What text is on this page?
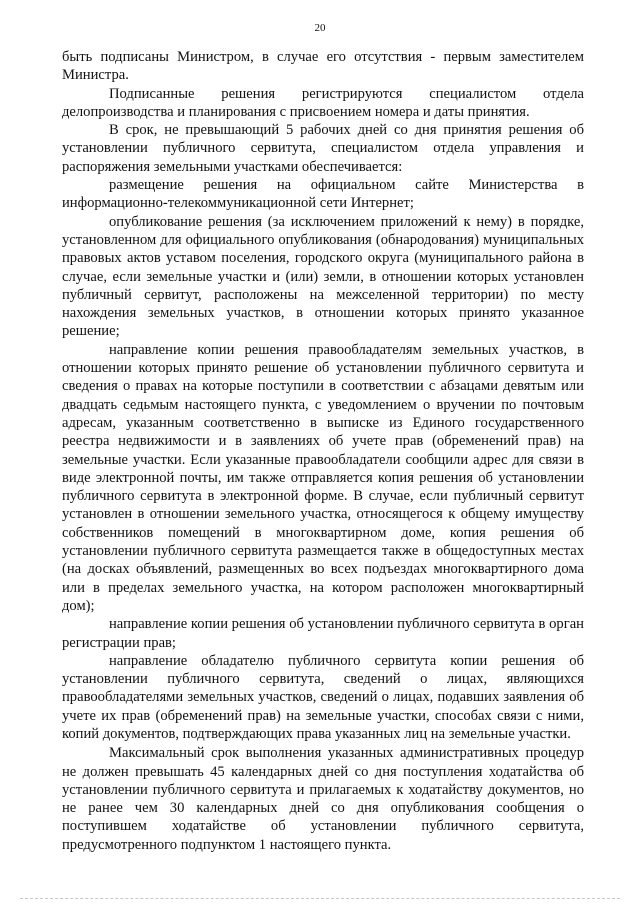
20

быть подписаны Министром, в случае его отсутствия - первым заместителем Министра.

Подписанные решения регистрируются специалистом отдела делопроизводства и планирования с присвоением номера и даты принятия.

В срок, не превышающий 5 рабочих дней со дня принятия решения об установлении публичного сервитута, специалистом отдела управления и распоряжения земельными участками обеспечивается:

размещение решения на официальном сайте Министерства в информационно-телекоммуникационной сети Интернет;

опубликование решения (за исключением приложений к нему) в порядке, установленном для официального опубликования (обнародования) муниципальных правовых актов уставом поселения, городского округа (муниципального района в случае, если земельные участки и (или) земли, в отношении которых установлен публичный сервитут, расположены на межселенной территории) по месту нахождения земельных участков, в отношении которых принято указанное решение;

направление копии решения правообладателям земельных участков, в отношении которых принято решение об установлении публичного сервитута и сведения о правах на которые поступили в соответствии с абзацами девятым или двадцать седьмым настоящего пункта, с уведомлением о вручении по почтовым адресам, указанным соответственно в выписке из Единого государственного реестра недвижимости и в заявлениях об учете прав (обременений прав) на земельные участки. Если указанные правообладатели сообщили адрес для связи в виде электронной почты, им также отправляется копия решения об установлении публичного сервитута в электронной форме. В случае, если публичный сервитут установлен в отношении земельного участка, относящегося к общему имуществу собственников помещений в многоквартирном доме, копия решения об установлении публичного сервитута размещается также в общедоступных местах (на досках объявлений, размещенных во всех подъездах многоквартирного дома или в пределах земельного участка, на котором расположен многоквартирный дом);

направление копии решения об установлении публичного сервитута в орган регистрации прав;

направление обладателю публичного сервитута копии решения об установлении публичного сервитута, сведений о лицах, являющихся правообладателями земельных участков, сведений о лицах, подавших заявления об учете их прав (обременений прав) на земельные участки, способах связи с ними, копий документов, подтверждающих права указанных лиц на земельные участки.

Максимальный срок выполнения указанных административных процедур не должен превышать 45 календарных дней со дня поступления ходатайства об установлении публичного сервитута и прилагаемых к ходатайству документов, но не ранее чем 30 календарных дней со дня опубликования сообщения о поступившем ходатайстве об установлении публичного сервитута, предусмотренного подпунктом 1 настоящего пункта.
